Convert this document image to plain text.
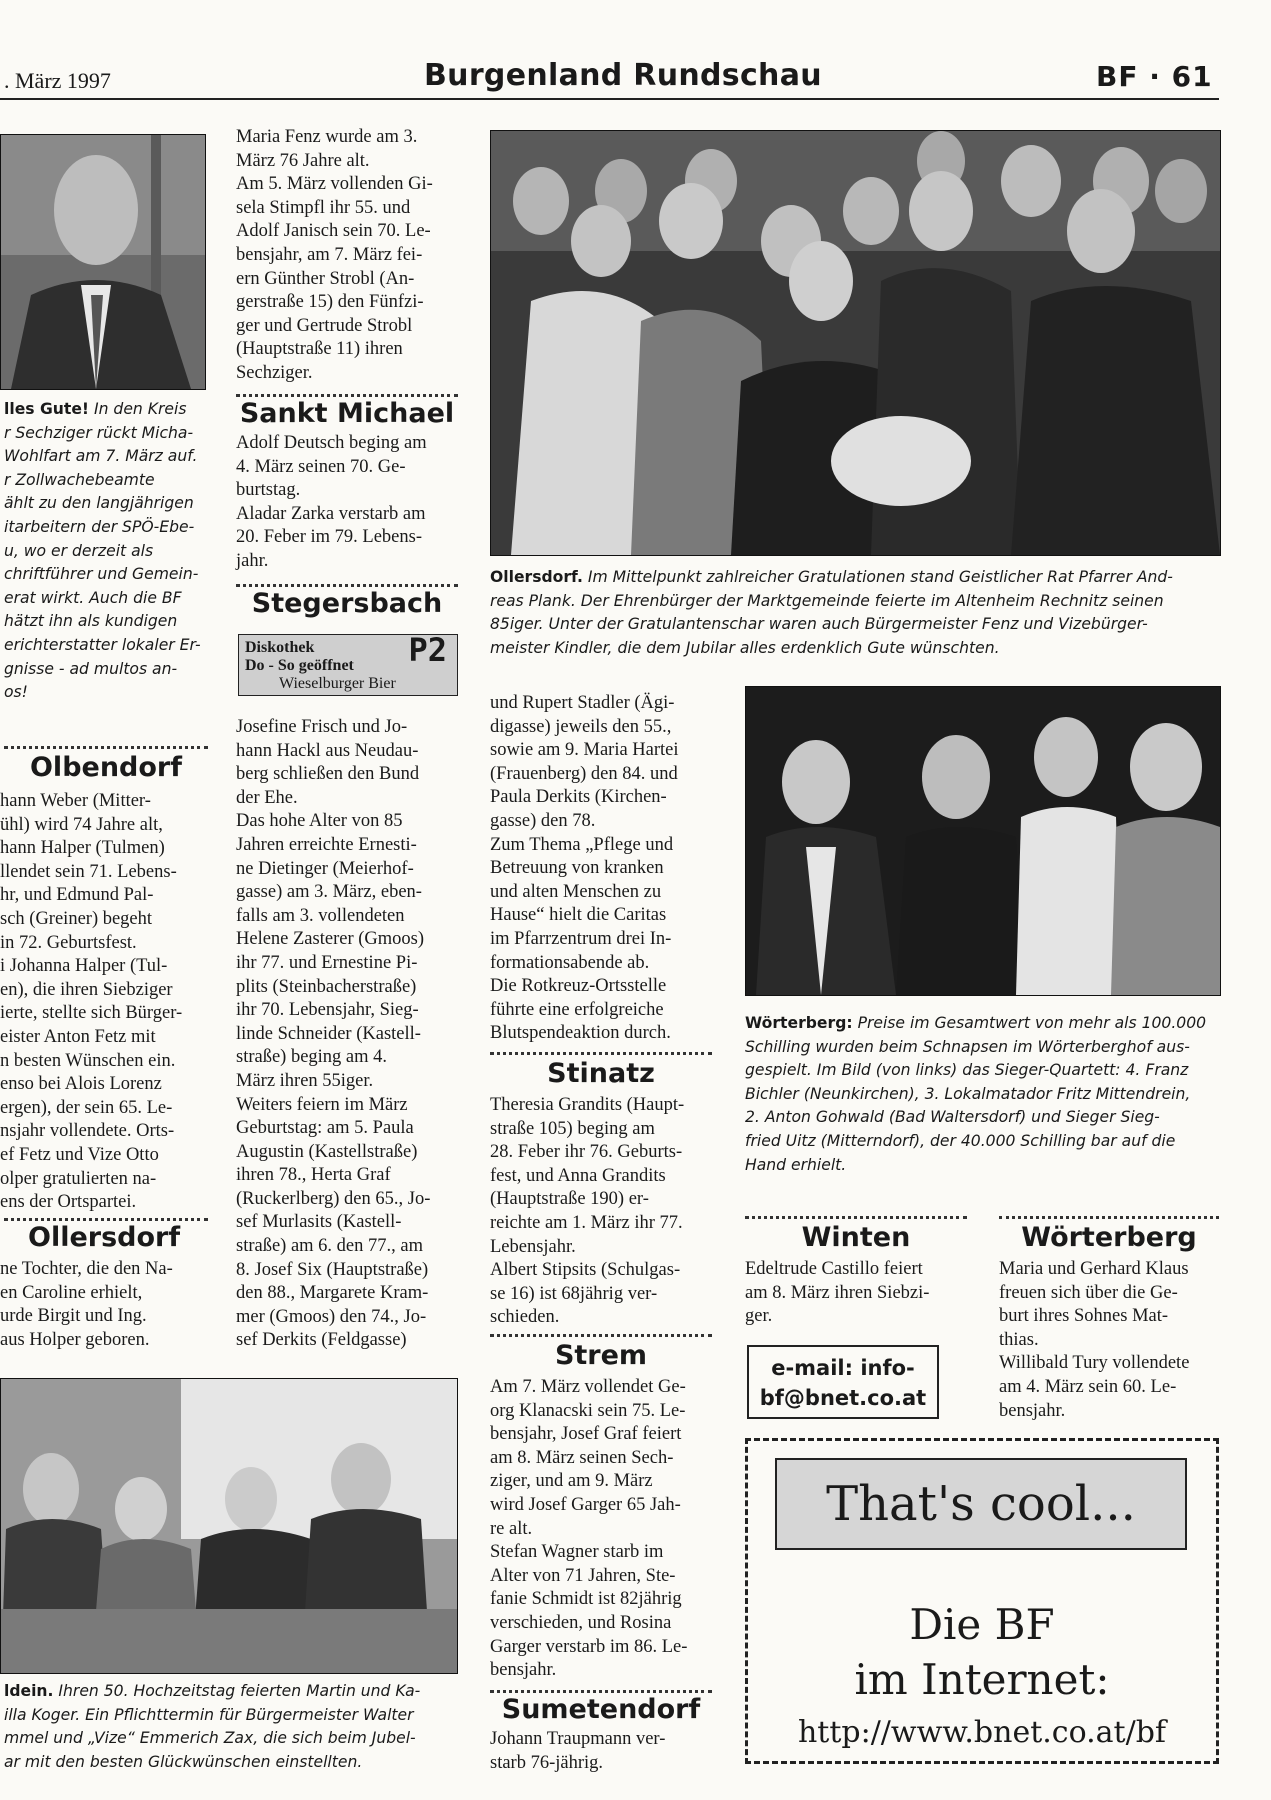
. März 1997	Burgenland Rundschau	BF · 61
lles Gute! In den Kreis
r Sechziger rückt Micha-
Wohlfart am 7. März auf.
r Zollwachebeamte
ählt zu den langjährigen
itarbeitern der SPÖ-Ebe-
u, wo er derzeit als
chriftführer und Gemein-
erat wirkt. Auch die BF
hätzt ihn als kundigen
erichterstatter lokaler Er-
gnisse - ad multos an-
os!
Olbendorf
hann Weber (Mitter-
ühl) wird 74 Jahre alt,
hann Halper (Tulmen)
llendet sein 71. Lebens-
hr, und Edmund Pal-
sch (Greiner) begeht
in 72. Geburtsfest.
i Johanna Halper (Tul-
en), die ihren Siebziger
ierte, stellte sich Bürger-
eister Anton Fetz mit
n besten Wünschen ein.
enso bei Alois Lorenz
ergen), der sein 65. Le-
nsjahr vollendete. Orts-
ef Fetz und Vize Otto
olper gratulierten na-
ens der Ortspartei.
Ollersdorf
ne Tochter, die den Na-
en Caroline erhielt,
urde Birgit und Ing.
aus Holper geboren.
ldein. Ihren 50. Hochzeitstag feierten Martin und Ka-
illa Koger. Ein Pflichttermin für Bürgermeister Walter
mmel und „Vize“ Emmerich Zax, die sich beim Jubel-
ar mit den besten Glückwünschen einstellten.
Maria Fenz wurde am 3.
März 76 Jahre alt.
Am 5. März vollenden Gi-
sela Stimpfl ihr 55. und
Adolf Janisch sein 70. Le-
bensjahr, am 7. März fei-
ern Günther Strobl (An-
gerstraße 15) den Fünfzi-
ger und Gertrude Strobl
(Hauptstraße 11) ihren
Sechziger.
Sankt Michael
Adolf Deutsch beging am
4. März seinen 70. Ge-
burtstag.
Aladar Zarka verstarb am
20. Feber im 79. Lebens-
jahr.
Stegersbach
Diskothek
Do - So geöffnet
Wieselburger Bier
P2
Josefine Frisch und Jo-
hann Hackl aus Neudau-
berg schließen den Bund
der Ehe.
Das hohe Alter von 85
Jahren erreichte Ernesti-
ne Dietinger (Meierhof-
gasse) am 3. März, eben-
falls am 3. vollendeten
Helene Zasterer (Gmoos)
ihr 77. und Ernestine Pi-
plits (Steinbacherstraße)
ihr 70. Lebensjahr, Sieg-
linde Schneider (Kastell-
straße) beging am 4.
März ihren 55iger.
Weiters feiern im März
Geburtstag: am 5. Paula
Augustin (Kastellstraße)
ihren 78., Herta Graf
(Ruckerlberg) den 65., Jo-
sef Murlasits (Kastell-
straße) am 6. den 77., am
8. Josef Six (Hauptstraße)
den 88., Margarete Kram-
mer (Gmoos) den 74., Jo-
sef Derkits (Feldgasse)
und Rupert Stadler (Ägi-
digasse) jeweils den 55.,
sowie am 9. Maria Hartei
(Frauenberg) den 84. und
Paula Derkits (Kirchen-
gasse) den 78.
Zum Thema „Pflege und
Betreuung von kranken
und alten Menschen zu
Hause“ hielt die Caritas
im Pfarrzentrum drei In-
formationsabende ab.
Die Rotkreuz-Ortsstelle
führte eine erfolgreiche
Blutspendeaktion durch.
Stinatz
Theresia Grandits (Haupt-
straße 105) beging am
28. Feber ihr 76. Geburts-
fest, und Anna Grandits
(Hauptstraße 190) er-
reichte am 1. März ihr 77.
Lebensjahr.
Albert Stipsits (Schulgas-
se 16) ist 68jährig ver-
schieden.
Strem
Am 7. März vollendet Ge-
org Klanacski sein 75. Le-
bensjahr, Josef Graf feiert
am 8. März seinen Sech-
ziger, und am 9. März
wird Josef Garger 65 Jah-
re alt.
Stefan Wagner starb im
Alter von 71 Jahren, Ste-
fanie Schmidt ist 82jährig
verschieden, und Rosina
Garger verstarb im 86. Le-
bensjahr.
Sumetendorf
Johann Traupmann ver-
starb 76-jährig.
Ollersdorf. Im Mittelpunkt zahlreicher Gratulationen stand Geistlicher Rat Pfarrer And-
reas Plank. Der Ehrenbürger der Marktgemeinde feierte im Altenheim Rechnitz seinen
85iger. Unter der Gratulantenschar waren auch Bürgermeister Fenz und Vizebürger-
meister Kindler, die dem Jubilar alles erdenklich Gute wünschten.
Wörterberg: Preise im Gesamtwert von mehr als 100.000
Schilling wurden beim Schnapsen im Wörterberghof aus-
gespielt. Im Bild (von links) das Sieger-Quartett: 4. Franz
Bichler (Neunkirchen), 3. Lokalmatador Fritz Mittendrein,
2. Anton Gohwald (Bad Waltersdorf) und Sieger Sieg-
fried Uitz (Mitterndorf), der 40.000 Schilling bar auf die
Hand erhielt.
Winten
Edeltrude Castillo feiert
am 8. März ihren Siebzi-
ger.
e-mail: info-
bf@bnet.co.at
Wörterberg
Maria und Gerhard Klaus
freuen sich über die Ge-
burt ihres Sohnes Mat-
thias.
Willibald Tury vollendete
am 4. März sein 60. Le-
bensjahr.
That's cool...
Die BF
im Internet:
http://www.bnet.co.at/bf
